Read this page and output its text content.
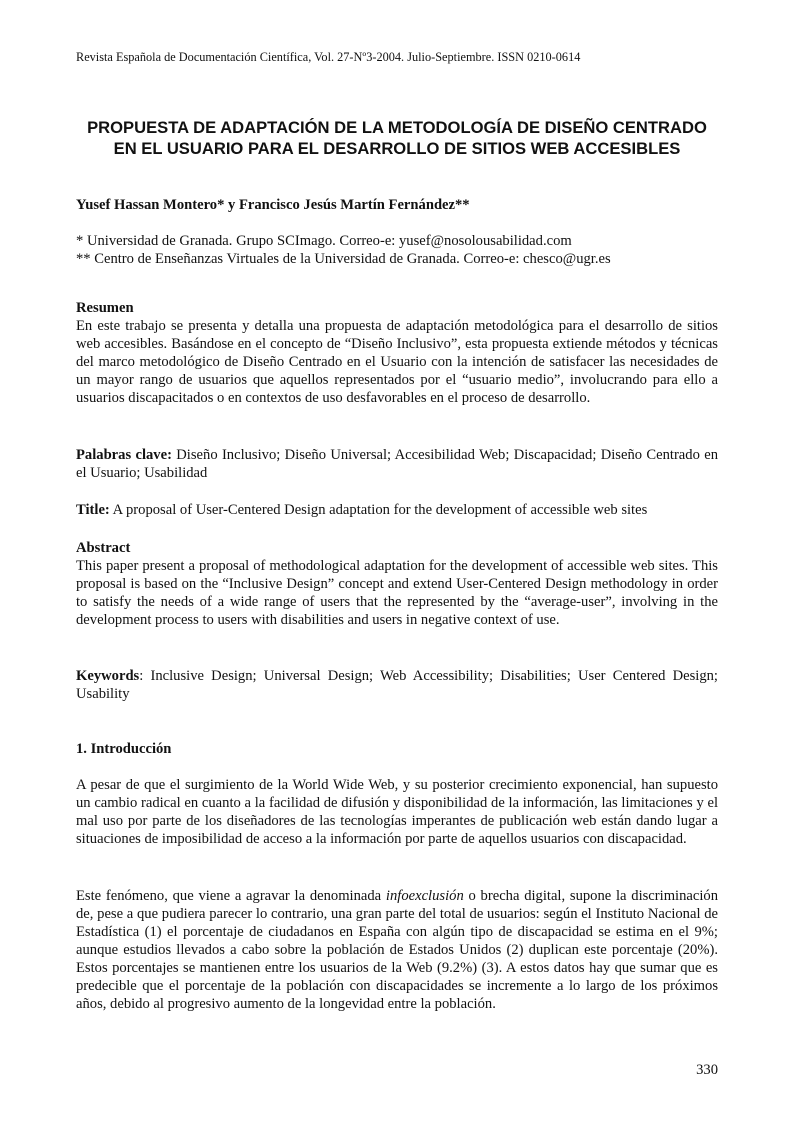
Revista Española de Documentación Científica, Vol. 27-Nº3-2004. Julio-Septiembre. ISSN 0210-0614
PROPUESTA DE ADAPTACIÓN DE LA METODOLOGÍA DE DISEÑO CENTRADO EN EL USUARIO PARA EL DESARROLLO DE SITIOS WEB ACCESIBLES
Yusef Hassan Montero* y Francisco Jesús Martín Fernández**

* Universidad de Granada. Grupo SCImago. Correo-e: yusef@nosolousabilidad.com

** Centro de Enseñanzas Virtuales de la Universidad de Granada. Correo-e: chesco@ugr.es

Resumen

En este trabajo se presenta y detalla una propuesta de adaptación metodológica para el desarrollo de sitios web accesibles. Basándose en el concepto de “Diseño Inclusivo”, esta propuesta extiende métodos y técnicas del marco metodológico de Diseño Centrado en el Usuario con la intención de satisfacer las necesidades de un mayor rango de usuarios que aquellos representados por el “usuario medio”, involucrando para ello a usuarios discapacitados o en contextos de uso desfavorables en el proceso de desarrollo.

Palabras clave: Diseño Inclusivo; Diseño Universal; Accesibilidad Web; Discapacidad; Diseño Centrado en el Usuario; Usabilidad

Title: A proposal of User-Centered Design adaptation for the development of accessible web sites

Abstract

This paper present a proposal of methodological adaptation for the development of accessible web sites. This proposal is based on the “Inclusive Design” concept and extend User-Centered Design methodology in order to satisfy the needs of a wide range of users that the represented by the “average-user”, involving in the development process to users with disabilities and users in negative context of use.

Keywords: Inclusive Design; Universal Design; Web Accessibility; Disabilities; User Centered Design; Usability

1. Introducción

A pesar de que el surgimiento de la World Wide Web, y su posterior crecimiento exponencial, han supuesto un cambio radical en cuanto a la facilidad de difusión y disponibilidad de la información, las limitaciones y el mal uso por parte de los diseñadores de las tecnologías imperantes de publicación web están dando lugar a situaciones de imposibilidad de acceso a la información por parte de aquellos usuarios con discapacidad.

Este fenómeno, que viene a agravar la denominada infoexclusión o brecha digital, supone la discriminación de, pese a que pudiera parecer lo contrario, una gran parte del total de usuarios: según el Instituto Nacional de Estadística (1) el porcentaje de ciudadanos en España con algún tipo de discapacidad se estima en el 9%; aunque estudios llevados a cabo sobre la población de Estados Unidos (2) duplican este porcentaje (20%). Estos porcentajes se mantienen entre los usuarios de la Web (9.2%) (3). A estos datos hay que sumar que es predecible que el porcentaje de la población con discapacidades se incremente a lo largo de los próximos años, debido al progresivo aumento de la longevidad entre la población.

330
